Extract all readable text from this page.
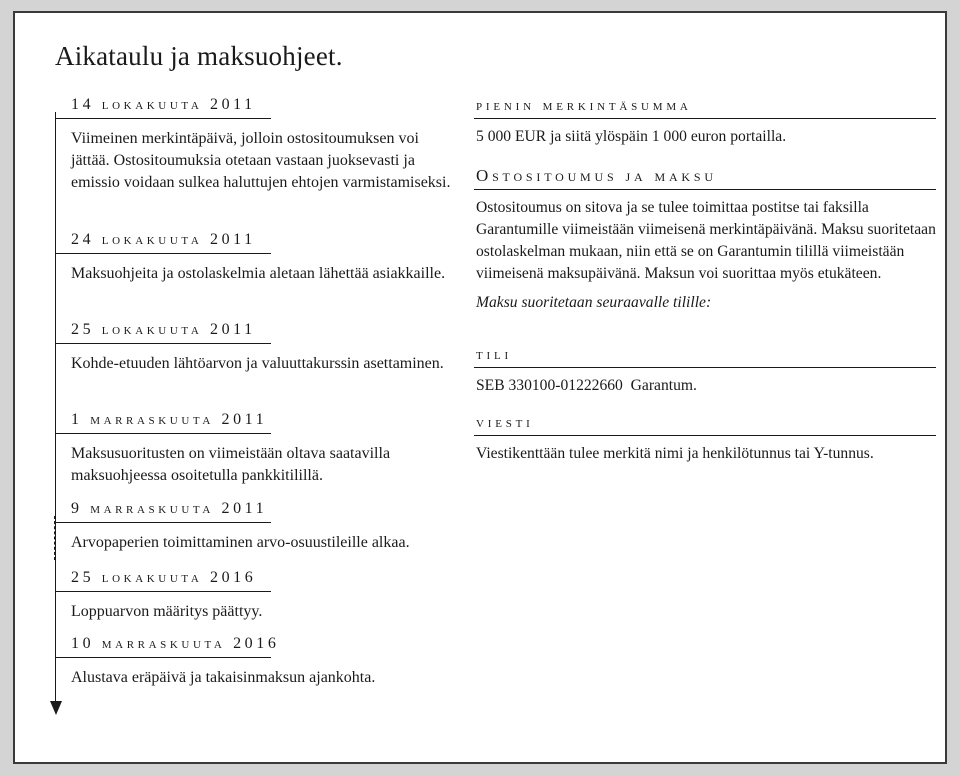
Aikataulu ja maksuohjeet.
14 lokakuuta 2011
Viimeinen merkintäpäivä, jolloin ostositoumuksen voi jättää. Ostositoumuksia otetaan vastaan juoksevasti ja emissio voidaan sulkea haluttujen ehtojen varmistamiseksi.
24 lokakuuta 2011
Maksuohjeita ja ostolaskelmia aletaan lähettää asiakkaille.
25 lokakuuta 2011
Kohde-etuuden lähtöarvon ja valuuttakurssin asettaminen.
1 marraskuuta 2011
Maksusuoritusten on viimeistään oltava saatavilla maksuohjeessa osoitetulla pankkitilillä.
9 marraskuuta 2011
Arvopaperien toimittaminen arvo-osuustileille alkaa.
25 lokakuuta 2016
Loppuarvon määritys päättyy.
10 marraskuuta 2016
Alustava eräpäivä ja takaisinmaksun ajankohta.
pienin merkintäsumma
5 000 EUR ja siitä ylöspäin 1 000 euron portailla.
Ostositoumus ja maksu
Ostositoumus on sitova ja se tulee toimittaa postitse tai faksilla Garantumille viimeistään viimeisenä merkintäpäivänä. Maksu suoritetaan ostolaskelman mukaan, niin että se on Garantumin tilillä viimeistään viimeisenä maksupäivänä. Maksun voi suorittaa myös etukäteen.
Maksu suoritetaan seuraavalle tilille:
tili
SEB 330100-01222660  Garantum.
viesti
Viestikenttään tulee merkitä nimi ja henkilötunnus tai Y-tunnus.
